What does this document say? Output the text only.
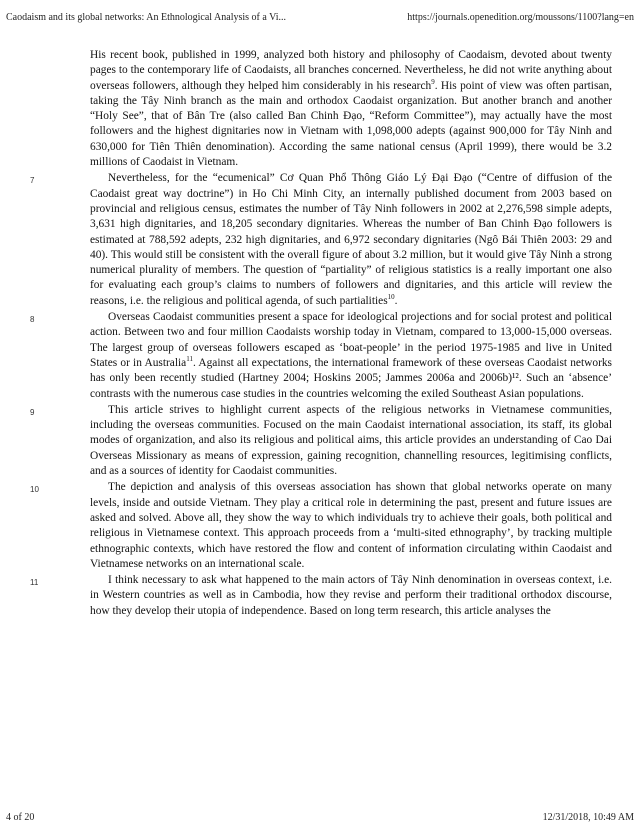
Caodaism and its global networks: An Ethnological Analysis of a Vi...	https://journals.openedition.org/moussons/1100?lang=en

His recent book, published in 1999, analyzed both history and philosophy of Caodaism, devoted about twenty pages to the contemporary life of Caodaists, all branches concerned. Nevertheless, he did not write anything about overseas followers, although they helped him considerably in his research$^9$. His point of view was often partisan, taking the Tây Ninh branch as the main and orthodox Caodaist organization. But another branch and another “Holy See”, that of Bân Tre (also called Ban Chinh Đạo, “Reform Committee”), may actually have the most followers and the highest dignitaries now in Vietnam with 1,098,000 adepts (against 900,000 for Tây Ninh and 630,000 for Tiên Thiên denomination). According the same national census (April 1999), there would be 3.2 millions of Caodaist in Vietnam.

7	Nevertheless, for the “ecumenical” Cơ Quan Phổ Thông Giáo Lý Đại Đạo (“Centre of diffusion of the Caodaist great way doctrine”) in Ho Chi Minh City, an internally published document from 2003 based on provincial and religious census, estimates the number of Tây Ninh followers in 2002 at 2,276,598 simple adepts, 3,631 high dignitaries, and 18,205 secondary dignitaries. Whereas the number of Ban Chinh Đạo followers is estimated at 788,592 adepts, 232 high dignitaries, and 6,972 secondary dignitaries (Ngô Bái Thiên 2003: 29 and 40). This would still be consistent with the overall figure of about 3.2 million, but it would give Tây Ninh a strong numerical plurality of members. The question of “partiality” of religious statistics is a really important one also for evaluating each group’s claims to numbers of followers and dignitaries, and this article will review the reasons, i.e. the religious and political agenda, of such partialities$^{10}$.

8	Overseas Caodaist communities present a space for ideological projections and for social protest and political action. Between two and four million Caodaists worship today in Vietnam, compared to 13,000-15,000 overseas. The largest group of overseas followers escaped as ‘boat-people’ in the period 1975-1985 and live in United States or in Australia$^{11}$. Against all expectations, the international framework of these overseas Caodaist networks has only been recently studied (Hartney 2004; Hoskins 2005; Jammes 2006a and 2006b)¹². Such an ‘absence’ contrasts with the numerous case studies in the countries welcoming the exiled Southeast Asian populations.

9	This article strives to highlight current aspects of the religious networks in Vietnamese communities, including the overseas communities. Focused on the main Caodaist international association, its staff, its global modes of organization, and also its religious and political aims, this article provides an understanding of Cao Dai Overseas Missionary as means of expression, gaining recognition, channelling resources, legitimising conflicts, and as a sources of identity for Caodaist communities.

10	The depiction and analysis of this overseas association has shown that global networks operate on many levels, inside and outside Vietnam. They play a critical role in determining the past, present and future issues are asked and solved. Above all, they show the way to which individuals try to achieve their goals, both political and religious in Vietnamese context. This approach proceeds from a ‘multi-sited ethnography’, by tracking multiple ethnographic contexts, which have restored the flow and content of information circulating within Caodaist and Vietnamese networks on an international scale.

11	I think necessary to ask what happened to the main actors of Tây Ninh denomination in overseas context, i.e. in Western countries as well as in Cambodia, how they revise and perform their traditional orthodox discourse, how they develop their utopia of independence. Based on long term research, this article analyses the

4 of 20	12/31/2018, 10:49 AM
